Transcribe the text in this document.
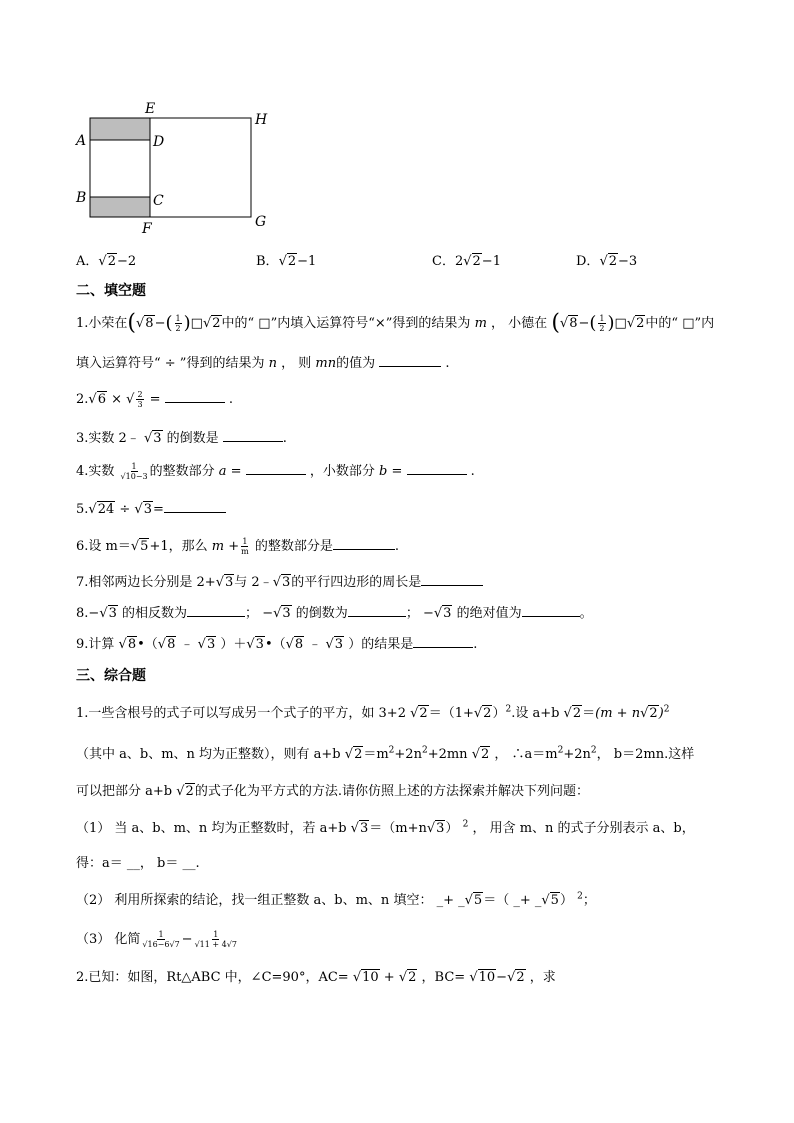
E
H
A	D
B	C
F	G
A．√2−2	B．√2−1	C．2√2−1	D．√2−3
二、填空题
1.小荣在($√8-( \frac{1}{2}$ )□√2中的“ □”内填入运算符号“×”得到的结果为 m ， 小德在 ($√8-( \frac{1}{2}$ )□√2中的“ □”内
填入运算符号“ ÷ ”得到的结果为 n ， 则 mn的值为	.
2.√6 × √ $\frac{2}{3}$ =	.
3.实数 2﹣ √3 的倒数是	.
4.实数 $\frac{1}{√10-3}$ 的整数部分 a =	，小数部分 b =	.
5.√24 ÷ √3=
6.设 m＝√5+1，那么 $m + \frac{1}{m}$ 的整数部分是	.
7.相邻两边长分别是 2+√3与 2﹣√3的平行四边形的周长是
8.−√3 的相反数为	； −√3 的倒数为	； −√3 的绝对值为	。
9.计算 √8•（√8 ﹣ √3 ）＋√3•（√8 ﹣ √3 ）的结果是	.
三、综合题
1.一些含根号的式子可以写成另一个式子的平方，如 3+2 $√2=(1+√2)^2$.设 a+b $√2=(m + n√2)^2$
（其中 a、b、m、n 均为正整数），则有 a+b $√2=m^2+2n^2+2mn$ √2 ， $\therefore a=m^2+2n^2$， b＝2mn.这样
可以把部分 a+b √2的式子化为平方式的方法.请你仿照上述的方法探索并解决下列问题：
（1） 当 a、b、m、n 均为正整数时，若 a+b √3＝（m+n√3） $^2$ ， 用含 m、n 的式子分别表示 a、b，
得：a＝ __， b＝ __.
（2） 利用所探索的结论，找一组正整数 a、b、m、n 填空： _+ _√5＝（ _+ _√5） $^2$；
（3） 化简 $\frac{1}{√16-6√7} - \frac{1}{√11 + 4√7}$
2.已知：如图，Rt△ABC 中，∠C=90°，AC= √10 + √2 ，BC= √10−√2 ，求
